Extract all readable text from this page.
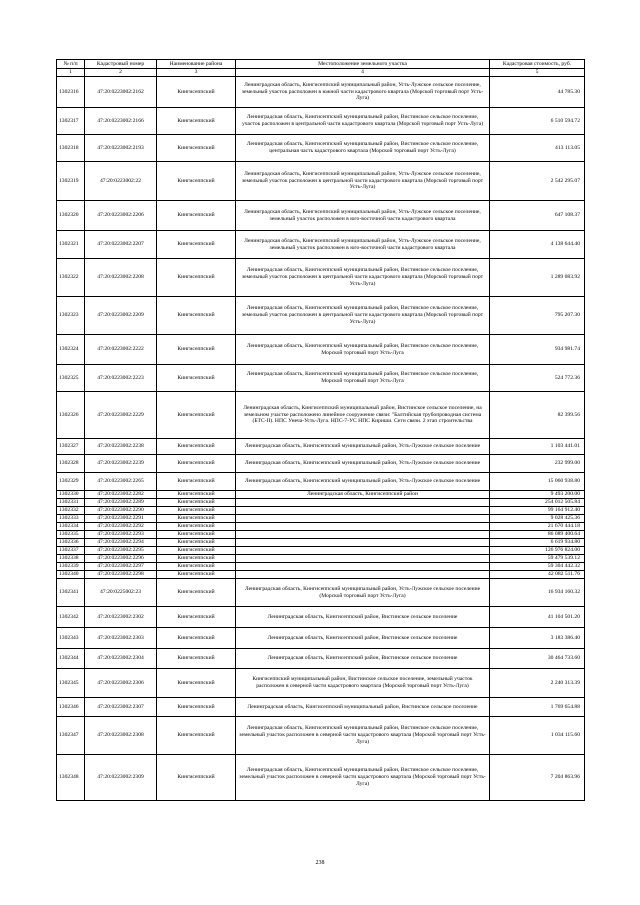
№ п/п	Кадастровый номер	Наименование района	Местоположение земельного участка	Кадастровая стоимость, руб.
1	2	3	4	5
1302316	47:20:0223002:2162	Кингисеппский	Ленинградская область, Кингисеппский муниципальный район, Усть-Лужское сельское поселение, земельный участок расположен в южной части кадастрового квартала (Морской торговый порт Усть-Луга)	44 785.30
1302317	47:20:0223002:2166	Кингисеппский	Ленинградская область, Кингисеппский муниципальный район, Вистинское сельское поселение, участок расположен в центральной части кадастрового квартала (Морской торговый порт Усть-Луга)	6 510 594.72
1302318	47:20:0223002:2193	Кингисеппский	Ленинградская область, Кингисеппский муниципальный район, Вистинское сельское поселение, центральная часть кадастрового квартала (Морской торговый порт Усть-Луга)	413 113.05
1302319	47:20:0223002:22	Кингисеппский	Ленинградская область, Кингисеппский муниципальный район, Усть-Лужское сельское поселение, земельный участок расположен в центральной части кадастрового квартала (Морской торговый порт Усть-Луга)	2 542 295.07
1302320	47:20:0223002:2206	Кингисеппский	Ленинградская область, Кингисеппский муниципальный район, Усть-Лужское сельское поселение, земельный участок расположен в юго-восточной части кадастрового квартала	647 108.37
1302321	47:20:0223002:2207	Кингисеппский	Ленинградская область, Кингисеппский муниципальный район, Усть-Лужское сельское поселение, земельный участок расположен в юго-восточной части кадастрового квартала	4 138 644.40
1302322	47:20:0223002:2208	Кингисеппский	Ленинградская область, Кингисеппский муниципальный район, Вистинское сельское поселение, земельный участок расположен в центральной части кадастрового квартала (Морской торговый порт Усть-Луга)	1 289 083.92
1302323	47:20:0223002:2209	Кингисеппский	Ленинградская область, Кингисеппский муниципальный район, Вистинское сельское поселение, земельный участок расположен в центральной части кадастрового квартала (Морской торговый порт Усть-Луга)	795 207.30
1302324	47:20:0223002:2222	Кингисеппский	Ленинградская область, Кингисеппский муниципальный район, Вистинское сельское поселение, Морской торговый порт Усть-Луга	934 981.74
1302325	47:20:0223002:2223	Кингисеппский	Ленинградская область, Кингисеппский муниципальный район, Вистинское сельское поселение, Морской торговый порт Усть-Луга	524 772.36
1302326	47:20:0223002:2229	Кингисеппский	Ленинградская область, Кингисеппский муниципальный район, Вистинское сельское поселение, на земельном участке расположено линейное сооружение связи: "Балтийская трубопроводная система (БТС-II). НПС Унеча-Усть-Луга. НПС-7-УС НПС Кириши. Сети связи. 2 этап строительства	82 399.56
1302327	47:20:0223002:2238	Кингисеппский	Ленинградская область, Кингисеппский муниципальный район, Усть-Лужское сельское поселение	1 103 441.01
1302328	47:20:0223002:2239	Кингисеппский	Ленинградская область, Кингисеппский муниципальный район, Усть-Лужское сельское поселение	232 999.00
1302329	47:20:0223002:2265	Кингисеппский	Ленинградская область, Кингисеппский муниципальный район, Усть-Лужское сельское поселение	15 060 938.80
1302330	47:20:0223002:2282	Кингисеппский	Ленинградская область, Кингисеппский район	9 493 200.00
1302331	47:20:0223002:2289	Кингисеппский		254 012 505.84
1302332	47:20:0223002:2290	Кингисеппский		99 164 912.40
1302333	47:20:0223002:2291	Кингисеппский		9 028 425.36
1302334	47:20:0223002:2292	Кингисеппский		21 670 444.18
1302335	47:20:0223002:2293	Кингисеппский		86 089 400.64
1302336	47:20:0223002:2294	Кингисеппский		6 619 934.80
1302337	47:20:0223002:2295	Кингисеппский		126 976 824.00
1302338	47:20:0223002:2296	Кингисеппский		59 479 539.12
1302339	47:20:0223002:2297	Кингисеппский		59 304 442.32
1302340	47:20:0223002:2298	Кингисеппский		42 082 511.76
1302341	47:20:0225002:23	Кингисеппский	Ленинградская область, Кингисеппский муниципальный район, Усть-Лужское сельское поселение (Морской торговый порт Усть-Луга)	16 934 160.32
1302342	47:20:0223002:2302	Кингисеппский	Ленинградская область, Кингисеппский район, Вистинское сельское поселение	41 104 501.20
1302343	47:20:0223002:2303	Кингисеппский	Ленинградская область, Кингисеппский район, Вистинское сельское поселение	3 183 386.40
1302344	47:20:0223002:2304	Кингисеппский	Ленинградская область, Кингисеппский район, Вистинское сельское поселение	30 464 733.60
1302345	47:20:0223002:2306	Кингисеппский	Кингисеппский муниципальный район, Вистинское сельское поселение, земельный участок расположен в северной части кадастрового квартала (Морской торговый порт Усть-Луга)	2 240 313.39
1302346	47:20:0223002:2307	Кингисеппский	Ленинградская область, Кингисеппский муниципальный район, Вистинское сельское поселение	1 769 654.88
1302347	47:20:0223002:2308	Кингисеппский	Ленинградская область, Кингисеппский муниципальный район, Вистинское сельское поселение, земельный участок расположен в северной части кадастрового квартала (Морской торговый порт Усть-Луга)	1 034 115.60
1302348	47:20:0223002:2309	Кингисеппский	Ленинградская область, Кингисеппский муниципальный район, Вистинское сельское поселение, земельный участок расположен в северной части кадастрового квартала (Морской торговый порт Усть-Луга)	7 204 863.96
238
